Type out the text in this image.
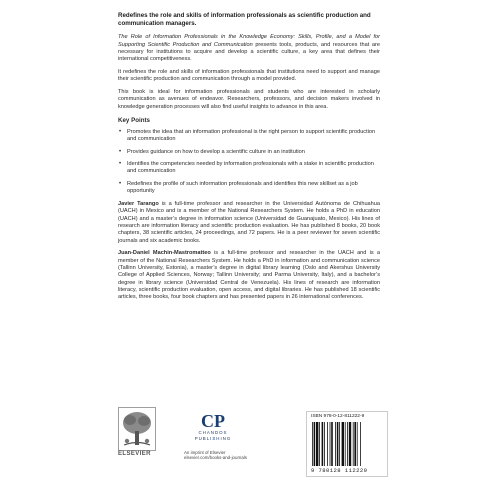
Redefines the role and skills of information professionals as scientific production and communication managers.

The Role of Information Professionals in the Knowledge Economy: Skills, Profile, and a Model for Supporting Scientific Production and Communication presents tools, products, and resources that are necessary for institutions to acquire and develop a scientific culture, a key area that defines their international competitiveness.

It redefines the role and skills of information professionals that institutions need to support and manage their scientific production and communication through a model provided.

This book is ideal for information professionals and students who are interested in scholarly communication as avenues of endeavor. Researchers, professors, and decision makers involved in knowledge generation processes will also find useful insights to advance in this area.

Key Points
• Promotes the idea that an information professional is the right person to support scientific production and communication
• Provides guidance on how to develop a scientific culture in an institution
• Identifies the competencies needed by information professionals with a stake in scientific production and communication
• Redefines the profile of such information professionals and identifies this new skillset as a job opportunity

Javier Tarango is a full-time professor and researcher in the Universidad Autónoma de Chihuahua (UACH) in Mexico and is a member of the National Researchers System. He holds a PhD in education (UACH) and a master’s degree in information science (Universidad de Guanajuato, Mexico). His lines of research are information literacy and scientific production evaluation. He has published 8 books, 20 book chapters, 38 scientific articles, 24 proceedings, and 72 papers. He is a peer reviewer for seven scientific journals and six academic books.

Juan-Daniel Machin-Mastromatteo is a full-time professor and researcher in the UACH and is a member of the National Researchers System. He holds a PhD in information and communication science (Tallinn University, Estonia), a master’s degree in digital library learning (Oslo and Akershus University College of Applied Sciences, Norway; Tallinn University; and Parma University, Italy), and a bachelor’s degree in library science (Universidad Central de Venezuela). His lines of research are information literacy, scientific production evaluation, open access, and digital libraries. He has published 18 scientific articles, three books, four book chapters and has presented papers in 26 international conferences.

ELSEVIER
CP
CHANDOS
PUBLISHING
An imprint of Elsevier
elsevier.com/books-and-journals
ISBN 978-0-12-811222-9
9 780128 112229
